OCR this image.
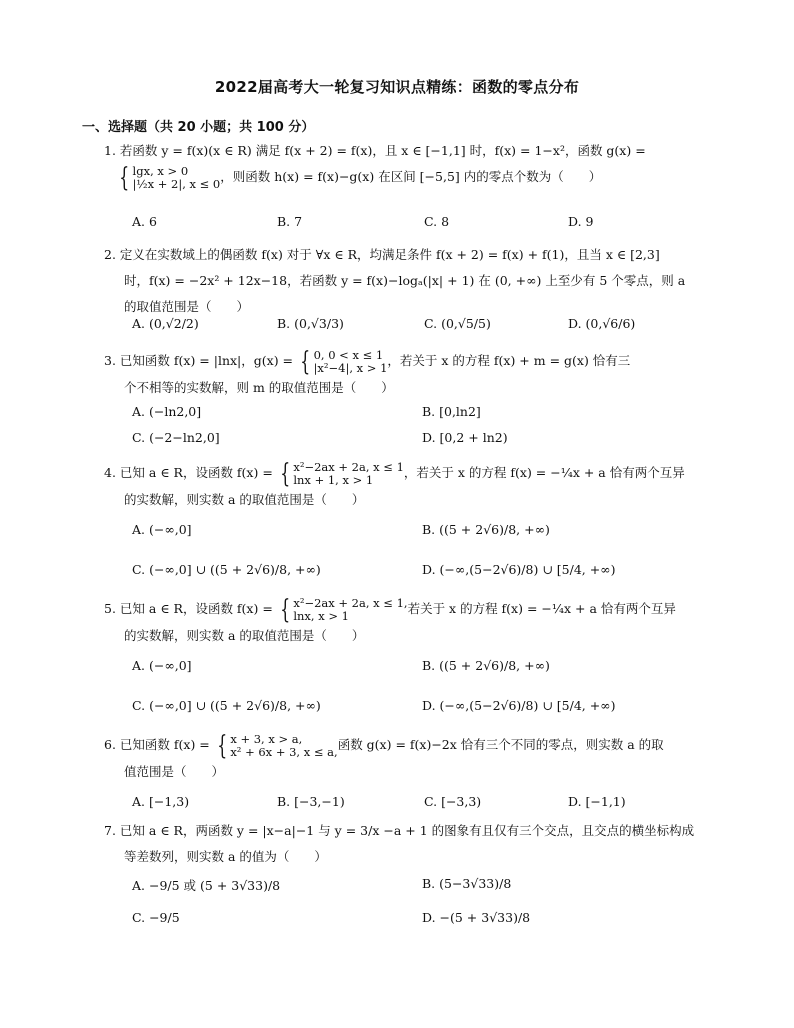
2022届高考大一轮复习知识点精练：函数的零点分布
一、选择题（共 20 小题；共 100 分）
1. 若函数 y = f(x)(x ∈ R) 满足 f(x + 2) = f(x)，且 x ∈ [−1,1] 时，f(x) = 1−x²，函数 g(x) =
{ lgx, x > 0
|½x + 2|, x ≤ 0，则函数 h(x) = f(x)−g(x) 在区间 [−5,5] 内的零点个数为（　　）
A. 6	B. 7	C. 8	D. 9
2. 定义在实数域上的偶函数 f(x) 对于 ∀x ∈ R，均满足条件 f(x + 2) = f(x) + f(1)，且当 x ∈ [2,3]
时，f(x) = −2x² + 12x−18，若函数 y = f(x)−logₐ(|x| + 1) 在 (0, +∞) 上至少有 5 个零点，则 a
的取值范围是（　　）
A. (0,√2/2)	B. (0,√3/3)	C. (0,√5/5)	D. (0,√6/6)
3. 已知函数 f(x) = |lnx|，g(x) = { 0, 0 < x ≤ 1
|x²−4|, x > 1，若关于 x 的方程 f(x) + m = g(x) 恰有三
个不相等的实数解，则 m 的取值范围是（　　）
A. (−ln2,0]	B. [0,ln2]
C. (−2−ln2,0]	D. [0,2 + ln2)
4. 已知 a ∈ R，设函数 f(x) = { x²−2ax + 2a, x ≤ 1
lnx + 1, x > 1 ，若关于 x 的方程 f(x) = −¼x + a 恰有两个互异
的实数解，则实数 a 的取值范围是（　　）
A. (−∞,0]	B. ((5 + 2√6)/8, +∞)
C. (−∞,0] ∪ ((5 + 2√6)/8, +∞)	D. (−∞,(5−2√6)/8) ∪ [5/4, +∞)
5. 已知 a ∈ R，设函数 f(x) = { x²−2ax + 2a, x ≤ 1,
lnx, x > 1	若关于 x 的方程 f(x) = −¼x + a 恰有两个互异
的实数解，则实数 a 的取值范围是（　　）
A. (−∞,0]	B. ((5 + 2√6)/8, +∞)
C. (−∞,0] ∪ ((5 + 2√6)/8, +∞)	D. (−∞,(5−2√6)/8) ∪ [5/4, +∞)
6. 已知函数 f(x) = { x + 3, x > a,
x² + 6x + 3, x ≤ a,函数 g(x) = f(x)−2x 恰有三个不同的零点，则实数 a 的取
值范围是（　　）
A. [−1,3)	B. [−3,−1)	C. [−3,3)	D. [−1,1)
7. 已知 a ∈ R，两函数 y = |x−a|−1 与 y = 3/x −a + 1 的图象有且仅有三个交点，且交点的横坐标构成
等差数列，则实数 a 的值为（　　）
A. −9/5 或 (5 + 3√33)/8	B. (5−3√33)/8
C. −9/5	D. −(5 + 3√33)/8
